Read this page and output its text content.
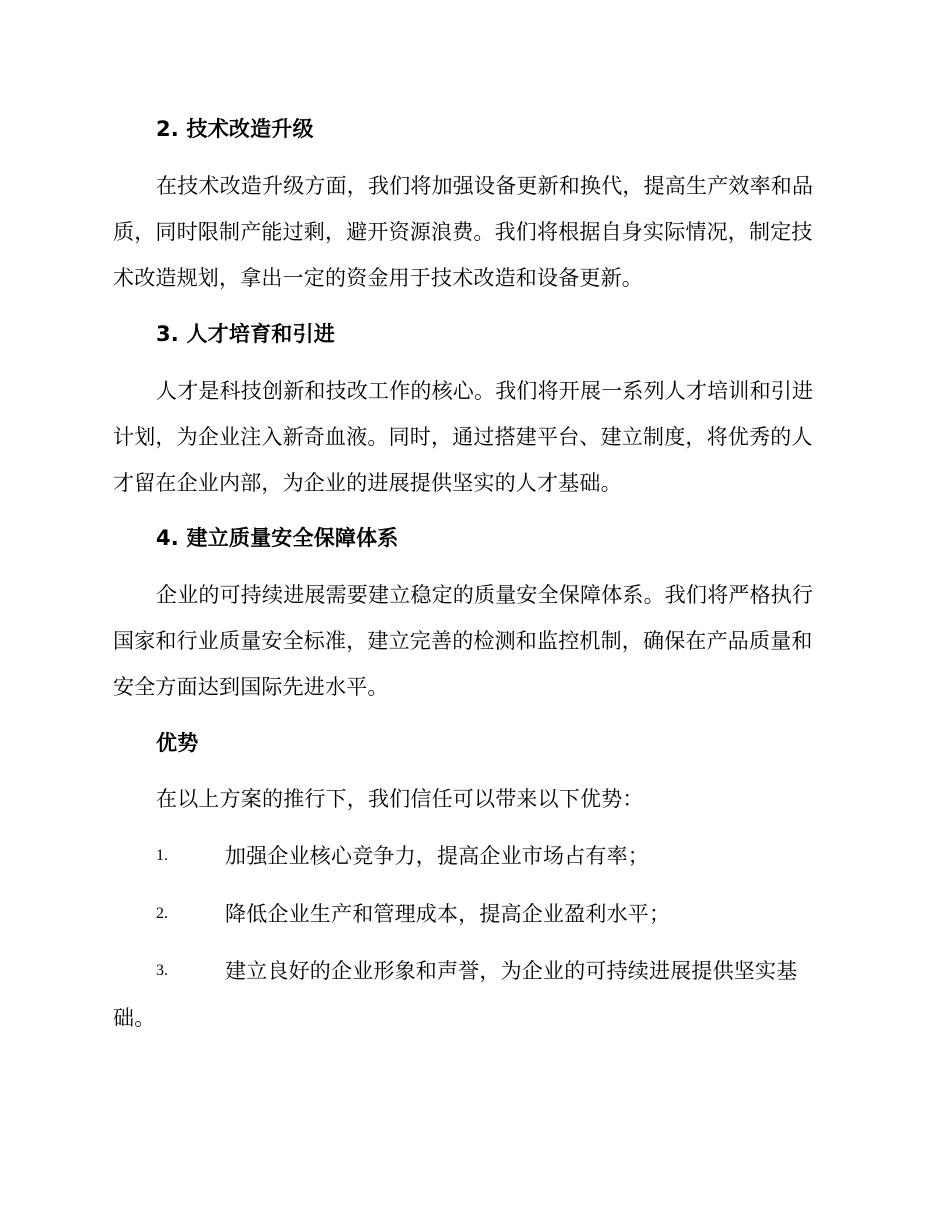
2. 技术改造升级
在技术改造升级方面，我们将加强设备更新和换代，提高生产效率和品
质，同时限制产能过剩，避开资源浪费。我们将根据自身实际情况，制定技
术改造规划，拿出一定的资金用于技术改造和设备更新。
3. 人才培育和引进
人才是科技创新和技改工作的核心。我们将开展一系列人才培训和引进
计划，为企业注入新奇血液。同时，通过搭建平台、建立制度，将优秀的人
才留在企业内部，为企业的进展提供坚实的人才基础。
4. 建立质量安全保障体系
企业的可持续进展需要建立稳定的质量安全保障体系。我们将严格执行
国家和行业质量安全标准，建立完善的检测和监控机制，确保在产品质量和
安全方面达到国际先进水平。
优势
在以上方案的推行下，我们信任可以带来以下优势：
1.	加强企业核心竞争力，提高企业市场占有率；
2.	降低企业生产和管理成本，提高企业盈利水平；
3.	建立良好的企业形象和声誉，为企业的可持续进展提供坚实基
础。
